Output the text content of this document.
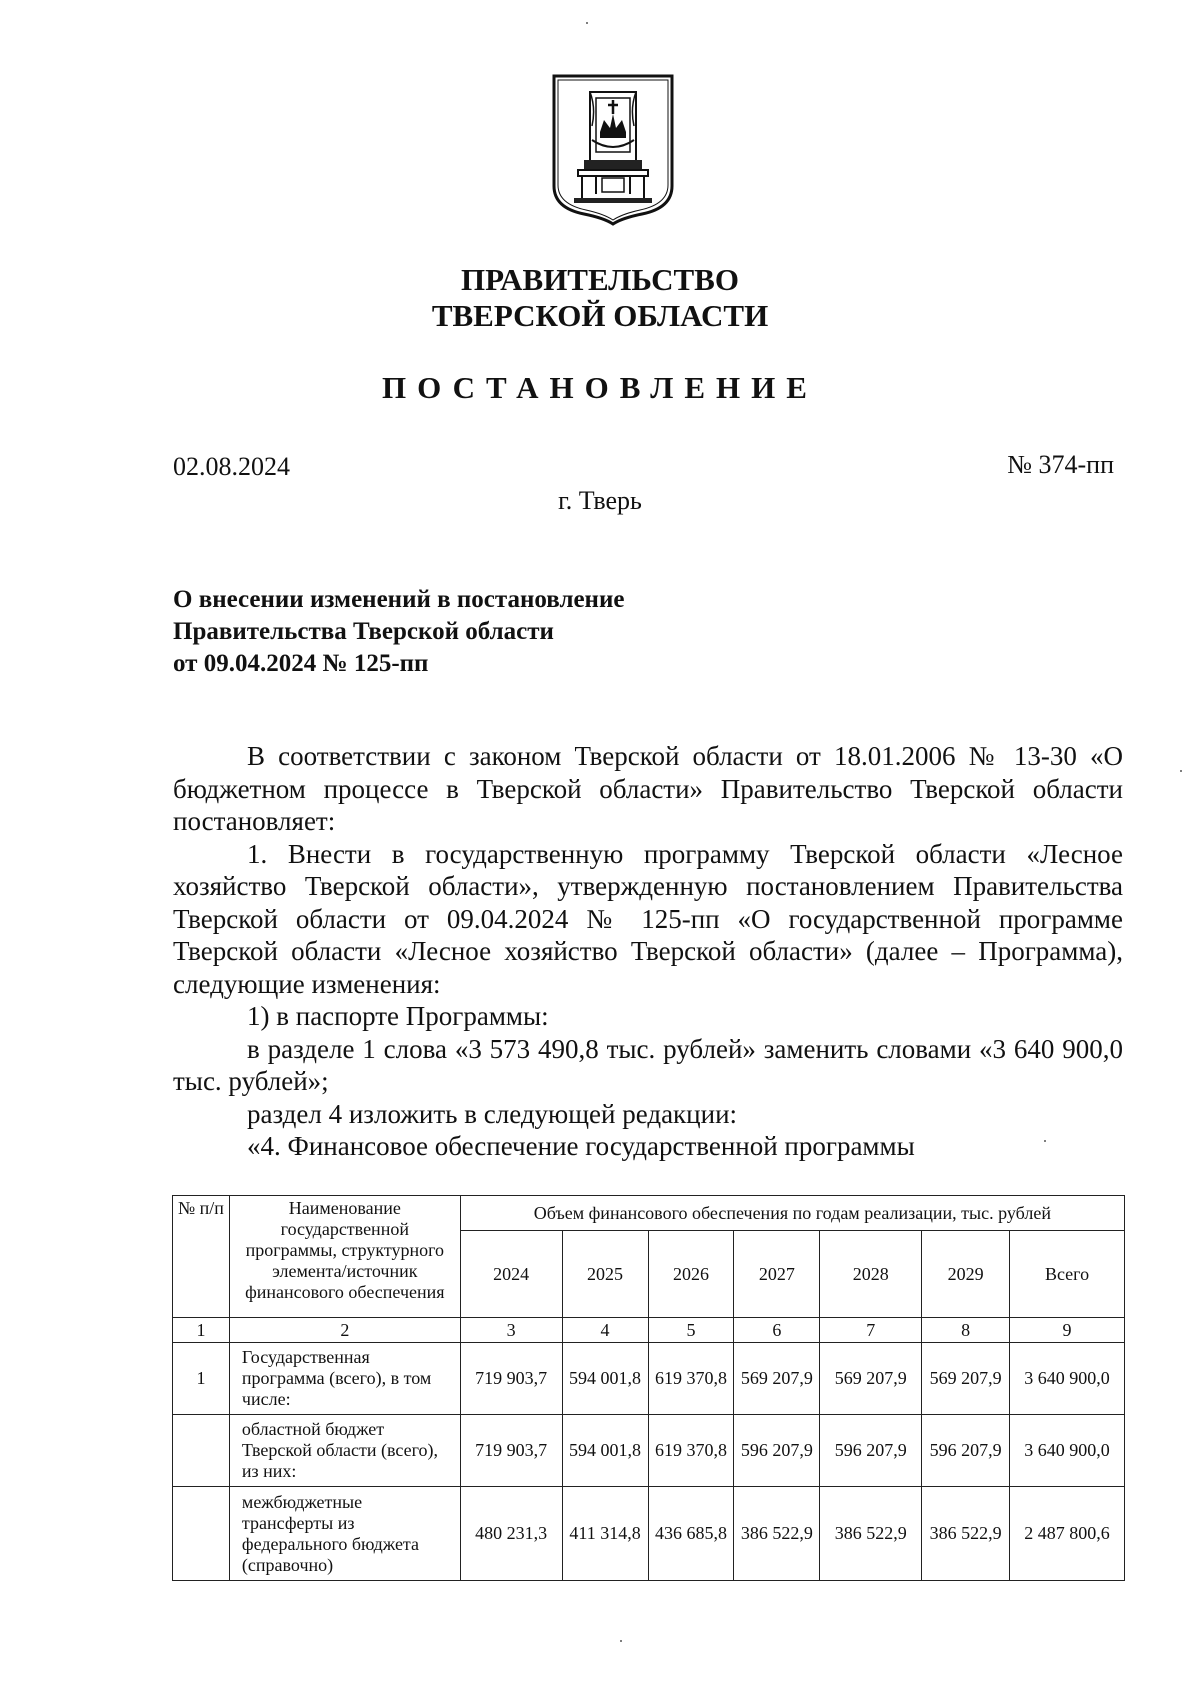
ПРАВИТЕЛЬСТВО
ТВЕРСКОЙ ОБЛАСТИ
ПОСТАНОВЛЕНИЕ
02.08.2024	№ 374-пп
г. Тверь
О внесении изменений в постановление
Правительства Тверской области
от 09.04.2024 № 125-пп

В соответствии с законом Тверской области от 18.01.2006 № 13-30 «О бюджетном процессе в Тверской области» Правительство Тверской области постановляет:

1. Внести в государственную программу Тверской области «Лесное хозяйство Тверской области», утвержденную постановлением Правительства Тверской области от 09.04.2024 № 125-пп «О государственной программе Тверской области «Лесное хозяйство Тверской области» (далее – Программа), следующие изменения:

1) в паспорте Программы:

в разделе 1 слова «3 573 490,8 тыс. рублей» заменить словами «3 640 900,0 тыс. рублей»;

раздел 4 изложить в следующей редакции:

«4. Финансовое обеспечение государственной программы

№ п/п	Наименование государственной программы, структурного элемента/источник финансового обеспечения	Объем финансового обеспечения по годам реализации, тыс. рублей						
		2024	2025	2026	2027	2028	2029	Всего
1	2	3	4	5	6	7	8	9
1	Государственная программа (всего), в том числе:	719 903,7	594 001,8	619 370,8	569 207,9	569 207,9	569 207,9	3 640 900,0
	областной бюджет Тверской области (всего), из них:	719 903,7	594 001,8	619 370,8	596 207,9	596 207,9	596 207,9	3 640 900,0
	межбюджетные трансферты из федерального бюджета (справочно)	480 231,3	411 314,8	436 685,8	386 522,9	386 522,9	386 522,9	2 487 800,6
